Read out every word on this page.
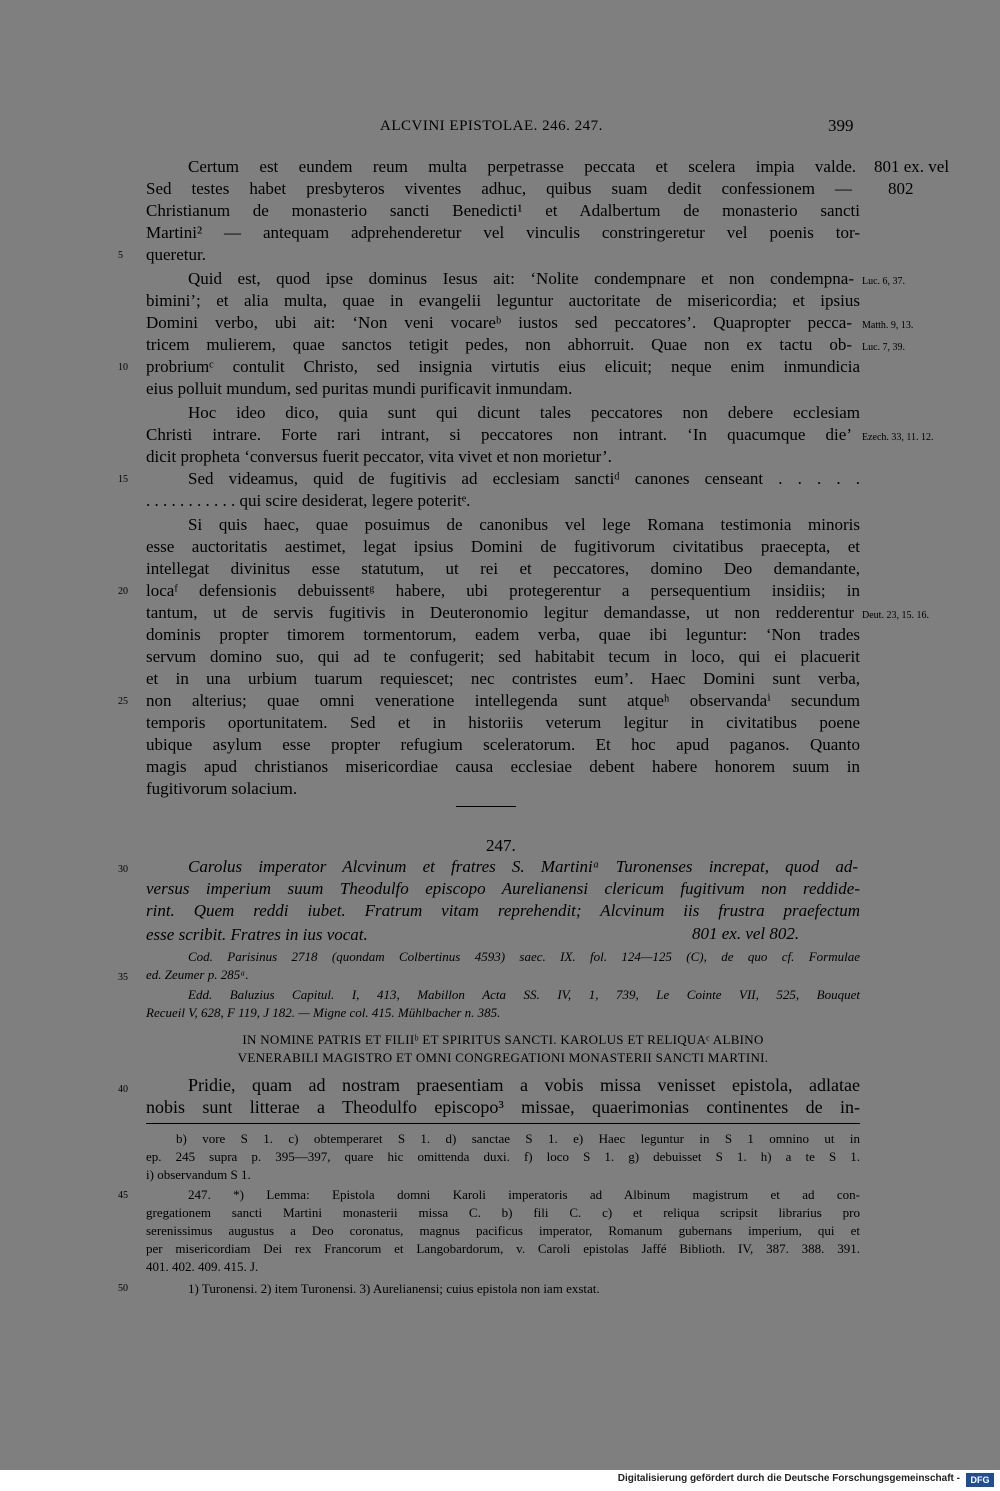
ALCVINI EPISTOLAE. 246. 247.	399
801 ex. vel
802
Certum est eundem reum multa perpetrasse peccata et scelera impia valde.
Sed testes habet presbyteros viventes adhuc, quibus suam dedit confessionem —
Christianum de monasterio sancti Benedicti¹ et Adalbertum de monasterio sancti
Martini² — antequam adprehenderetur vel vinculis constringeretur vel poenis tor-
queretur.
Quid est, quod ipse dominus Iesus ait: ‘Nolite condempnare et non condempna-
bimini’; et alia multa, quae in evangelii leguntur auctoritate de misericordia; et ipsius
Domini verbo, ubi ait: ‘Non veni vocareᵇ iustos sed peccatores’. Quapropter pecca-
tricem mulierem, quae sanctos tetigit pedes, non abhorruit. Quae non ex tactu ob-
probriumᶜ contulit Christo, sed insignia virtutis eius elicuit; neque enim inmundicia
eius polluit mundum, sed puritas mundi purificavit inmundam.
Hoc ideo dico, quia sunt qui dicunt tales peccatores non debere ecclesiam
Christi intrare. Forte rari intrant, si peccatores non intrant. ‘In quacumque die’
dicit propheta ‘conversus fuerit peccator, vita vivet et non morietur’.
Sed videamus, quid de fugitivis ad ecclesiam sanctiᵈ canones censeant . . . . .
. . . . . . . . . . . qui scire desiderat, legere poteritᵉ.
Si quis haec, quae posuimus de canonibus vel lege Romana testimonia minoris
esse auctoritatis aestimet, legat ipsius Domini de fugitivorum civitatibus praecepta, et
intellegat divinitus esse statutum, ut rei et peccatores, domino Deo demandante,
locaᶠ defensionis debuissentᵍ habere, ubi protegerentur a persequentium insidiis; in
tantum, ut de servis fugitivis in Deuteronomio legitur demandasse, ut non redderentur
dominis propter timorem tormentorum, eadem verba, quae ibi leguntur: ‘Non trades
servum domino suo, qui ad te confugerit; sed habitabit tecum in loco, qui ei placuerit
et in una urbium tuarum requiescet; nec contristes eum’. Haec Domini sunt verba,
non alterius; quae omni veneratione intellegenda sunt atqueʰ observandaⁱ secundum
temporis oportunitatem. Sed et in historiis veterum legitur in civitatibus poene
ubique asylum esse propter refugium sceleratorum. Et hoc apud paganos. Quanto
magis apud christianos misericordiae causa ecclesiae debent habere honorem suum in
fugitivorum solacium.
5
10
15
20
25
30
35
40
45
50
Luc. 6, 37.
Matth. 9, 13.
Luc. 7, 39.
Ezech. 33, 11. 12.
Deut. 23, 15. 16.
247.
Carolus imperator Alcvinum et fratres S. Martiniᵃ Turonenses increpat, quod ad-
versus imperium suum Theodulfo episcopo Aurelianensi clericum fugitivum non reddide-
rint. Quem reddi iubet. Fratrum vitam reprehendit; Alcvinum iis frustra praefectum
esse scribit. Fratres in ius vocat.	801 ex. vel 802.
Cod. Parisinus 2718 (quondam Colbertinus 4593) saec. IX. fol. 124—125 (C), de quo cf. Formulae
ed. Zeumer p. 285ᵃ.
Edd. Baluzius Capitul. I, 413, Mabillon Acta SS. IV, 1, 739, Le Cointe VII, 525, Bouquet
Recueil V, 628, F 119, J 182. — Migne col. 415. Mühlbacher n. 385.
IN NOMINE PATRIS ET FILIIᵇ ET SPIRITUS SANCTI. KAROLUS ET RELIQUAᶜ ALBINO
VENERABILI MAGISTRO ET OMNI CONGREGATIONI MONASTERII SANCTI MARTINI.
Pridie, quam ad nostram praesentiam a vobis missa venisset epistola, adlatae
nobis sunt litterae a Theodulfo episcopo³ missae, quaerimonias continentes de in-
b) vore S 1. c) obtemperaret S 1. d) sanctae S 1. e) Haec leguntur in S 1 omnino ut in
ep. 245 supra p. 395—397, quare hic omittenda duxi. f) loco S 1. g) debuisset S 1. h) a te S 1.
i) observandum S 1.
247. *) Lemma: Epistola domni Karoli imperatoris ad Albinum magistrum et ad con-
gregationem sancti Martini monasterii missa C. b) fili C. c) et reliqua scripsit librarius pro
serenissimus augustus a Deo coronatus, magnus pacificus imperator, Romanum gubernans imperium, qui et
per misericordiam Dei rex Francorum et Langobardorum, v. Caroli epistolas Jaffé Biblioth. IV, 387. 388. 391.
401. 402. 409. 415. J.
1) Turonensi. 2) item Turonensi. 3) Aurelianensi; cuius epistola non iam exstat.
Digitalisierung gefördert durch die Deutsche Forschungsgemeinschaft -	DFG
